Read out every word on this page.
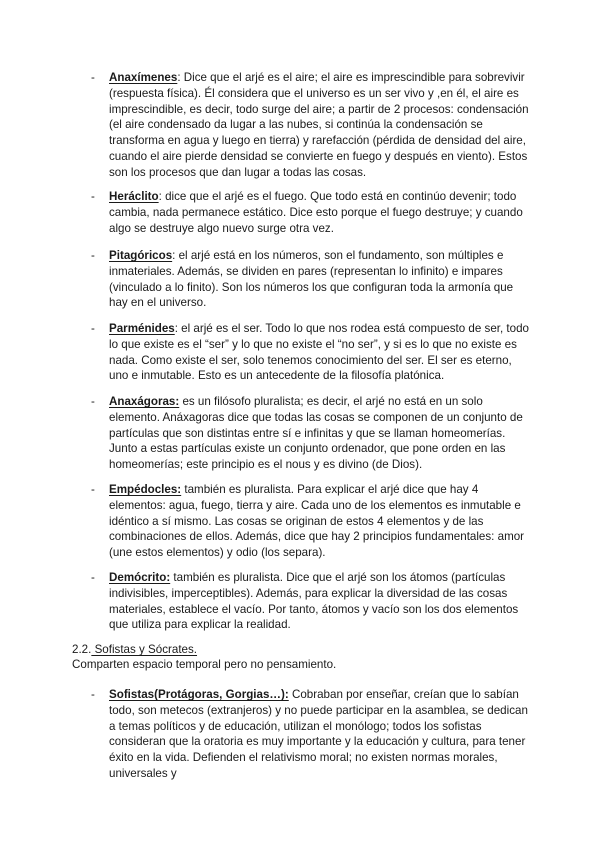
-	Anaxímenes: Dice que el arjé es el aire; el aire es imprescindible para sobrevivir (respuesta física). Él considera que el universo es un ser vivo y ,en él, el aire es imprescindible, es decir, todo surge del aire; a partir de 2 procesos: condensación (el aire condensado da lugar a las nubes, si continúa la condensación se transforma en agua y luego en tierra) y rarefacción (pérdida de densidad del aire, cuando el aire pierde densidad se convierte en fuego y después en viento). Estos son los procesos que dan lugar a todas las cosas.
-	Heráclito: dice que el arjé es el fuego. Que todo está en continúo devenir; todo cambia, nada permanece estático. Dice esto porque el fuego destruye; y cuando algo se destruye algo nuevo surge otra vez.
-	Pitagóricos: el arjé está en los números, son el fundamento, son múltiples e inmateriales. Además, se dividen en pares (representan lo infinito) e impares (vinculado a lo finito). Son los números los que configuran toda la armonía que hay en el universo.
-	Parménides: el arjé es el ser. Todo lo que nos rodea está compuesto de ser, todo lo que existe es el “ser” y lo que no existe el “no ser”, y si es lo que no existe es nada. Como existe el ser, solo tenemos conocimiento del ser. El ser es eterno, uno e inmutable. Esto es un antecedente de la filosofía platónica.
-	Anaxágoras: es un filósofo pluralista; es decir, el arjé no está en un solo elemento. Anáxagoras dice que todas las cosas se componen de un conjunto de partículas que son distintas entre sí e infinitas y que se llaman homeomerías. Junto a estas partículas existe un conjunto ordenador, que pone orden en las homeomerías; este principio es el nous y es divino (de Dios).
-	Empédocles: también es pluralista. Para explicar el arjé dice que hay 4 elementos: agua, fuego, tierra y aire. Cada uno de los elementos es inmutable e idéntico a sí mismo. Las cosas se originan de estos 4 elementos y de las combinaciones de ellos. Además, dice que hay 2 principios fundamentales: amor (une estos elementos) y odio (los separa).
-	Demócrito: también es pluralista. Dice que el arjé son los átomos (partículas indivisibles, imperceptibles). Además, para explicar la diversidad de las cosas materiales, establece el vacío. Por tanto, átomos y vacío son los dos elementos que utiliza para explicar la realidad.
2.2. Sofistas y Sócrates.
Comparten espacio temporal pero no pensamiento.
-	Sofistas(Protágoras, Gorgias…): Cobraban por enseñar, creían que lo sabían todo, son metecos (extranjeros) y no puede participar en la asamblea, se dedican a temas políticos y de educación, utilizan el monólogo; todos los sofistas consideran que la oratoria es muy importante y la educación y cultura, para tener éxito en la vida. Defienden el relativismo moral; no existen normas morales, universales y
